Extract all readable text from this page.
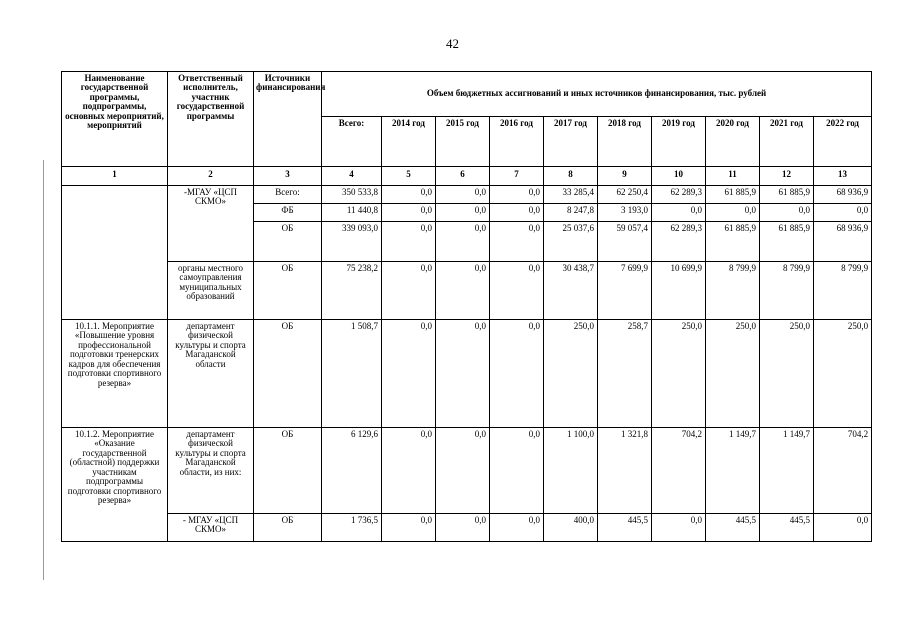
42
Наименование государственной программы, подпрограммы, основных мероприятий, мероприятий	Ответственный исполнитель, участник государственной программы	Источники финансирования	Объем бюджетных ассигнований и иных источников финансирования, тыс. рублей									
			Всего:	2014 год	2015 год	2016 год	2017 год	2018 год	2019 год	2020 год	2021 год	2022 год
1	2	3	4	5	6	7	8	9	10	11	12	13
	-МГАУ «ЦСП СКМО»	Всего:	350 533,8	0,0	0,0	0,0	33 285,4	62 250,4	62 289,3	61 885,9	61 885,9	68 936,9
		ФБ	11 440,8	0,0	0,0	0,0	8 247,8	3 193,0	0,0	0,0	0,0	0,0
		ОБ	339 093,0	0,0	0,0	0,0	25 037,6	59 057,4	62 289,3	61 885,9	61 885,9	68 936,9
	органы местного самоуправления муниципальных образований	ОБ	75 238,2	0,0	0,0	0,0	30 438,7	7 699,9	10 699,9	8 799,9	8 799,9	8 799,9
10.1.1. Мероприятие «Повышение уровня профессиональной подготовки тренерских кадров для обеспечения подготовки спортивного резерва»	департамент физической культуры и спорта Магаданской области	ОБ	1 508,7	0,0	0,0	0,0	250,0	258,7	250,0	250,0	250,0	250,0
10.1.2. Мероприятие «Оказание государственной (областной) поддержки участникам подпрограммы подготовки спортивного резерва»	департамент физической культуры и спорта Магаданской области, из них:	ОБ	6 129,6	0,0	0,0	0,0	1 100,0	1 321,8	704,2	1 149,7	1 149,7	704,2
	- МГАУ «ЦСП СКМО»	ОБ	1 736,5	0,0	0,0	0,0	400,0	445,5	0,0	445,5	445,5	0,0
